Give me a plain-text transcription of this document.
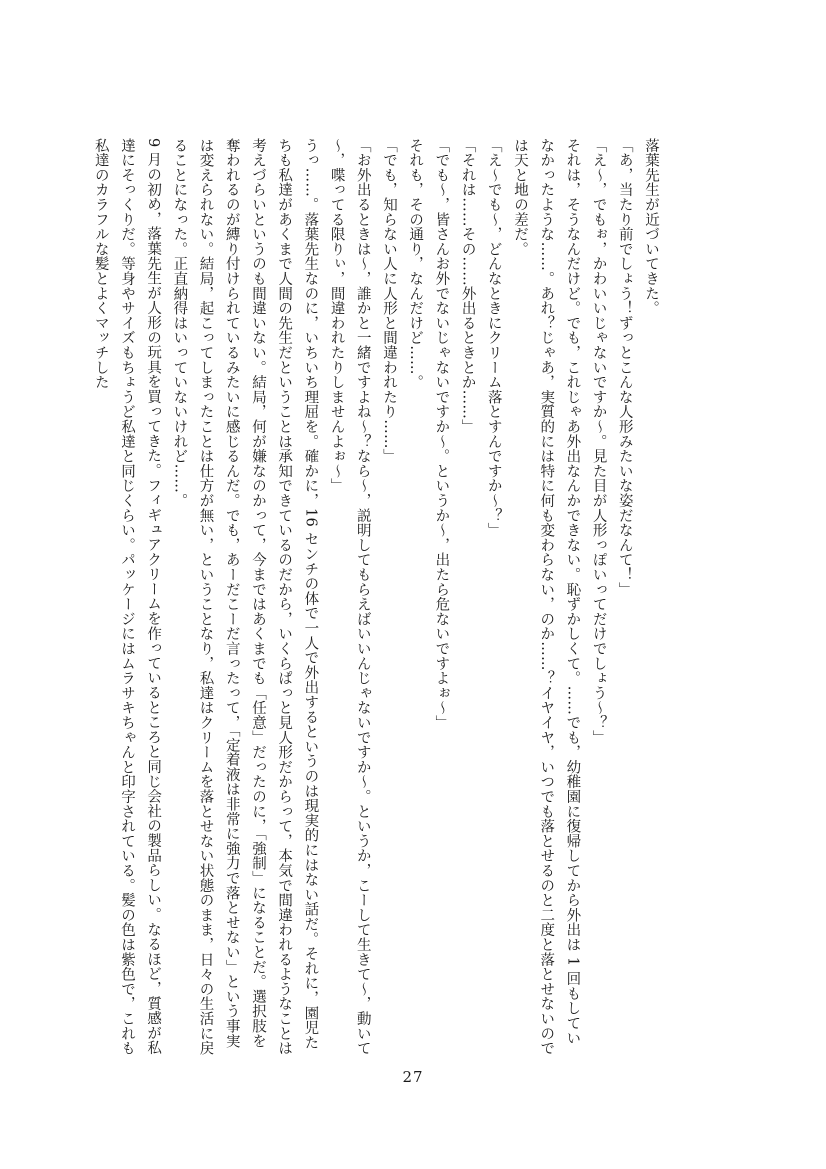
落葉先生が近づいてきた。

「あ，当たり前でしょう！ずっとこんな人形みたいな姿だなんて！」

「え～，でもぉ，かわいいじゃないですか～。見た目が人形っぽいってだけでしょう～？」

それは，そうなんだけど。でも，これじゃあ外出なんかできない。恥ずかしくて。……でも，幼稚園に復帰してから外出は 1 回もしていなかったような……。あれ？じゃあ，実質的には特に何も変わらない，のか……？イヤイヤ，いつでも落とせるのと二度と落とせないのでは天と地の差だ。

「え～でも～，どんなときにクリーム落とすんですか～？」

「それは……その……外出るときとか……」

「でも～，皆さんお外でないじゃないですか～。というか～，出たら危ないですよぉ～」

それも，その通り，なんだけど……。

「でも，知らない人に人形と間違われたり……」

「お外出るときは～，誰かと一緒ですよね～？なら～，説明してもらえばいいんじゃないですか～。というか，こーして生きて～，動いて～，喋ってる限りぃ，間違われたりしませんよぉ～」

うっ……。落葉先生なのに，いちいち理屈を。確かに，16 センチの体で一人で外出するというのは現実的にはない話だ。それに，園児たちも私達があくまで人間の先生だということは承知できているのだから，いくらぱっと見人形だからって，本気で間違われるようなことは考えづらいというのも間違いない。結局，何が嫌なのかって，今まではあくまでも「任意」だったのに，「強制」になることだ。選択肢を奪われるのが縛り付けられているみたいに感じるんだ。でも，あーだこーだ言ったって，「定着液は非常に強力で落とせない」という事実は変えられない。結局，起こってしまったことは仕方が無い，ということなり，私達はクリームを落とせない状態のまま，日々の生活に戻ることになった。正直納得はいっていないけれど……。

9 月の初め，落葉先生が人形の玩具を買ってきた。フィギュアクリームを作っているところと同じ会社の製品らしい。なるほど，質感が私達にそっくりだ。等身やサイズもちょうど私達と同じくらい。パッケージにはムラサキちゃんと印字されている。髪の色は紫色で，これも私達のカラフルな髪とよくマッチした

27
